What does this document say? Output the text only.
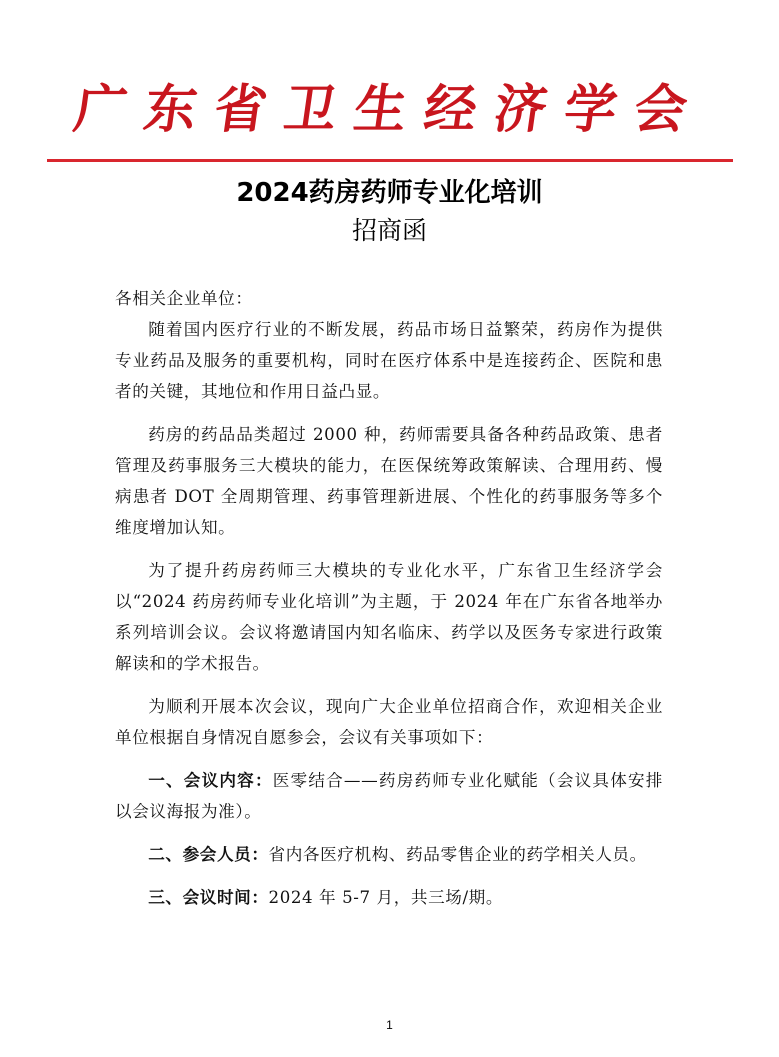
广东省卫生经济学会
2024药房药师专业化培训
招商函

各相关企业单位：

随着国内医疗行业的不断发展，药品市场日益繁荣，药房作为提供专业药品及服务的重要机构，同时在医疗体系中是连接药企、医院和患者的关键，其地位和作用日益凸显。

药房的药品品类超过 2000 种，药师需要具备各种药品政策、患者管理及药事服务三大模块的能力，在医保统筹政策解读、合理用药、慢病患者 DOT 全周期管理、药事管理新进展、个性化的药事服务等多个维度增加认知。

为了提升药房药师三大模块的专业化水平，广东省卫生经济学会以“2024 药房药师专业化培训”为主题，于 2024 年在广东省各地举办系列培训会议。会议将邀请国内知名临床、药学以及医务专家进行政策解读和的学术报告。

为顺利开展本次会议，现向广大企业单位招商合作，欢迎相关企业单位根据自身情况自愿参会，会议有关事项如下：

一、会议内容：医零结合——药房药师专业化赋能（会议具体安排以会议海报为准）。

二、参会人员：省内各医疗机构、药品零售企业的药学相关人员。

三、会议时间：2024 年 5-7 月，共三场/期。

1
